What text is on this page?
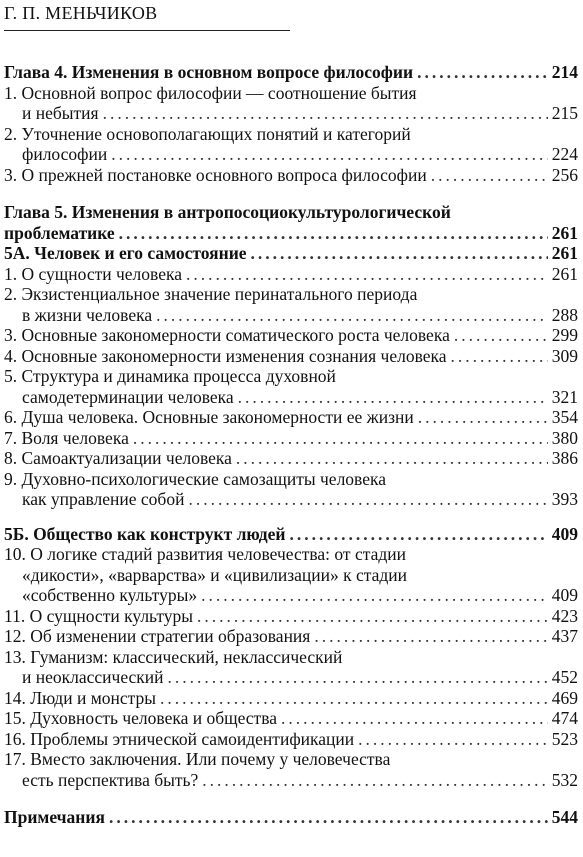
Г. П. МЕНЬЧИКОВ
Глава 4. Изменения в основном вопросе философии .....	214
1. Основной вопрос философии — соотношение бытия
и небытия .....	215
2. Уточнение основополагающих понятий и категорий
философии .....	224
3. О прежней постановке основного вопроса философии .....	256
Глава 5. Изменения в антропосоциокультурологической
проблематике .....	261
5А. Человек и его самостояние .....	261
1. О сущности человека .....	261
2. Экзистенциальное значение перинатального периода
в жизни человека .....	288
3. Основные закономерности соматического роста человека .....	299
4. Основные закономерности изменения сознания человека .....	309
5. Структура и динамика процесса духовной
самодетерминации человека .....	321
6. Душа человека. Основные закономерности ее жизни .....	354
7. Воля человека .....	380
8. Самоактуализации человека .....	386
9. Духовно-психологические самозащиты человека
как управление собой .....	393
5Б. Общество как конструкт людей .....	409
10. О логике стадий развития человечества: от стадии
«дикости», «варварства» и «цивилизации» к стадии
«собственно культуры» .....	409
11. О сущности культуры .....	423
12. Об изменении стратегии образования .....	437
13. Гуманизм: классический, неклассический
и неоклассический .....	452
14. Люди и монстры .....	469
15. Духовность человека и общества .....	474
16. Проблемы этнической самоидентификации .....	523
17. Вместо заключения. Или почему у человечества
есть перспектива быть? .....	532
Примечания .....	544
